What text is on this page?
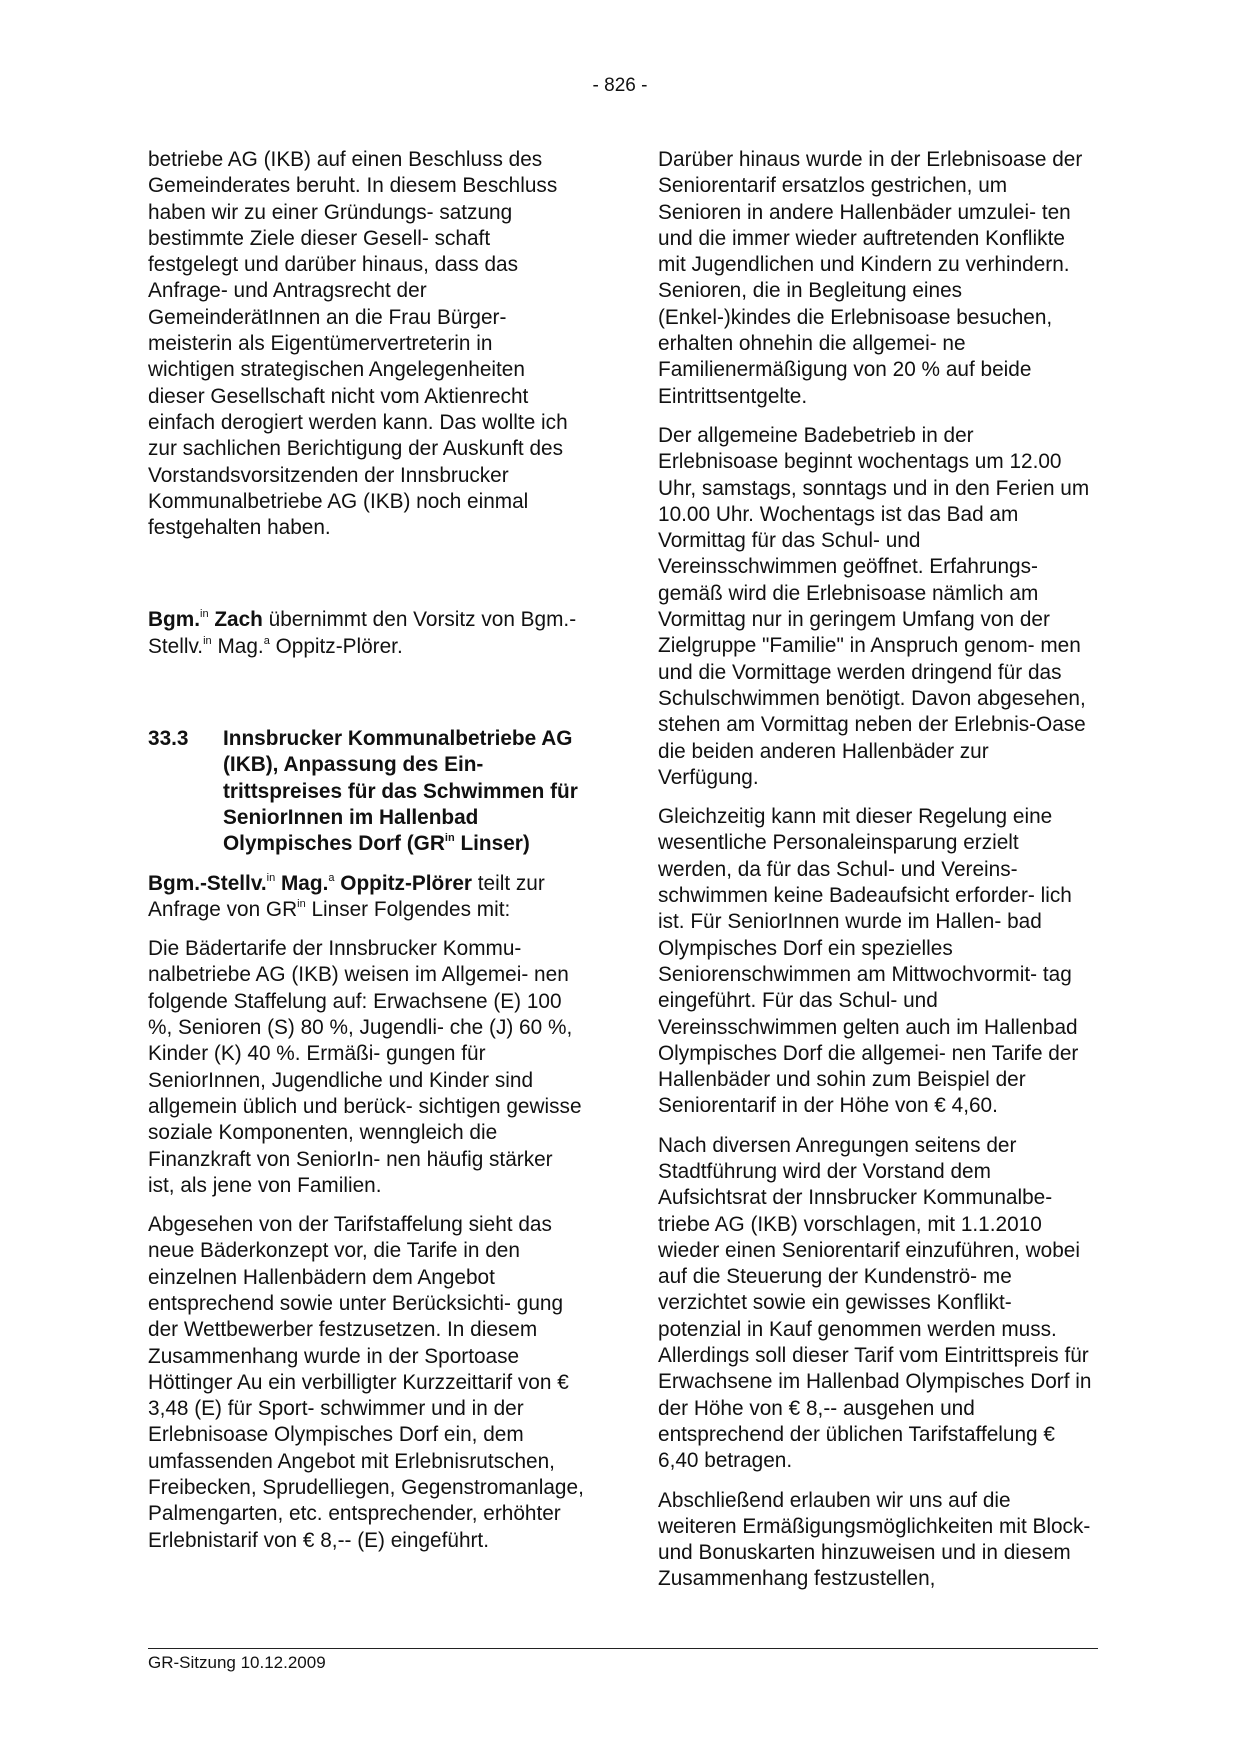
- 826 -

betriebe AG (IKB) auf einen Beschluss des Gemeinderates beruht. In diesem Beschluss haben wir zu einer Gründungs- satzung bestimmte Ziele dieser Gesell- schaft festgelegt und darüber hinaus, dass das Anfrage- und Antragsrecht der GemeinderätInnen an die Frau Bürger- meisterin als Eigentümervertreterin in wichtigen strategischen Angelegenheiten dieser Gesellschaft nicht vom Aktienrecht einfach derogiert werden kann. Das wollte ich zur sachlichen Berichtigung der Auskunft des Vorstandsvorsitzenden der Innsbrucker Kommunalbetriebe AG (IKB) noch einmal festgehalten haben.

Bgm.$^{in}$ Zach übernimmt den Vorsitz von Bgm.-Stellv.$^{in}$ Mag.$^a$ Oppitz-Plörer.

33.3	Innsbrucker Kommunalbetriebe AG (IKB), Anpassung des Ein- trittspreises für das Schwimmen für SeniorInnen im Hallenbad Olympisches Dorf ($GR^{in}$ Linser)

Bgm.-Stellv.$^{in}$ Mag.$^a$ Oppitz-Plörer teilt zur Anfrage von $GR^{in}$ Linser Folgendes mit:

Die Bädertarife der Innsbrucker Kommu- nalbetriebe AG (IKB) weisen im Allgemei- nen folgende Staffelung auf: Erwachsene (E) 100 %, Senioren (S) 80 %, Jugendli- che (J) 60 %, Kinder (K) 40 %. Ermäßi- gungen für SeniorInnen, Jugendliche und Kinder sind allgemein üblich und berück- sichtigen gewisse soziale Komponenten, wenngleich die Finanzkraft von SeniorIn- nen häufig stärker ist, als jene von Familien.

Abgesehen von der Tarifstaffelung sieht das neue Bäderkonzept vor, die Tarife in den einzelnen Hallenbädern dem Angebot entsprechend sowie unter Berücksichti- gung der Wettbewerber festzusetzen. In diesem Zusammenhang wurde in der Sportoase Höttinger Au ein verbilligter Kurzzeittarif von € 3,48 (E) für Sport- schwimmer und in der Erlebnisoase Olympisches Dorf ein, dem umfassenden Angebot mit Erlebnisrutschen, Freibecken, Sprudelliegen, Gegenstromanlage, Palmengarten, etc. entsprechender, erhöhter Erlebnistarif von € 8,-- (E) eingeführt.

Darüber hinaus wurde in der Erlebnisoase der Seniorentarif ersatzlos gestrichen, um Senioren in andere Hallenbäder umzulei- ten und die immer wieder auftretenden Konflikte mit Jugendlichen und Kindern zu verhindern. Senioren, die in Begleitung eines (Enkel-)kindes die Erlebnisoase besuchen, erhalten ohnehin die allgemei- ne Familienermäßigung von 20 % auf beide Eintrittsentgelte.

Der allgemeine Badebetrieb in der Erlebnisoase beginnt wochentags um 12.00 Uhr, samstags, sonntags und in den Ferien um 10.00 Uhr. Wochentags ist das Bad am Vormittag für das Schul- und Vereinsschwimmen geöffnet. Erfahrungs- gemäß wird die Erlebnisoase nämlich am Vormittag nur in geringem Umfang von der Zielgruppe "Familie" in Anspruch genom- men und die Vormittage werden dringend für das Schulschwimmen benötigt. Davon abgesehen, stehen am Vormittag neben der Erlebnis-Oase die beiden anderen Hallenbäder zur Verfügung.

Gleichzeitig kann mit dieser Regelung eine wesentliche Personaleinsparung erzielt werden, da für das Schul- und Vereins- schwimmen keine Badeaufsicht erforder- lich ist. Für SeniorInnen wurde im Hallen- bad Olympisches Dorf ein spezielles Seniorenschwimmen am Mittwochvormit- tag eingeführt. Für das Schul- und Vereinsschwimmen gelten auch im Hallenbad Olympisches Dorf die allgemei- nen Tarife der Hallenbäder und sohin zum Beispiel der Seniorentarif in der Höhe von € 4,60.

Nach diversen Anregungen seitens der Stadtführung wird der Vorstand dem Aufsichtsrat der Innsbrucker Kommunalbe- triebe AG (IKB) vorschlagen, mit 1.1.2010 wieder einen Seniorentarif einzuführen, wobei auf die Steuerung der Kundenströ- me verzichtet sowie ein gewisses Konflikt- potenzial in Kauf genommen werden muss. Allerdings soll dieser Tarif vom Eintrittspreis für Erwachsene im Hallenbad Olympisches Dorf in der Höhe von € 8,-- ausgehen und entsprechend der üblichen Tarifstaffelung € 6,40 betragen.

Abschließend erlauben wir uns auf die weiteren Ermäßigungsmöglichkeiten mit Block- und Bonuskarten hinzuweisen und in diesem Zusammenhang festzustellen,

GR-Sitzung 10.12.2009
